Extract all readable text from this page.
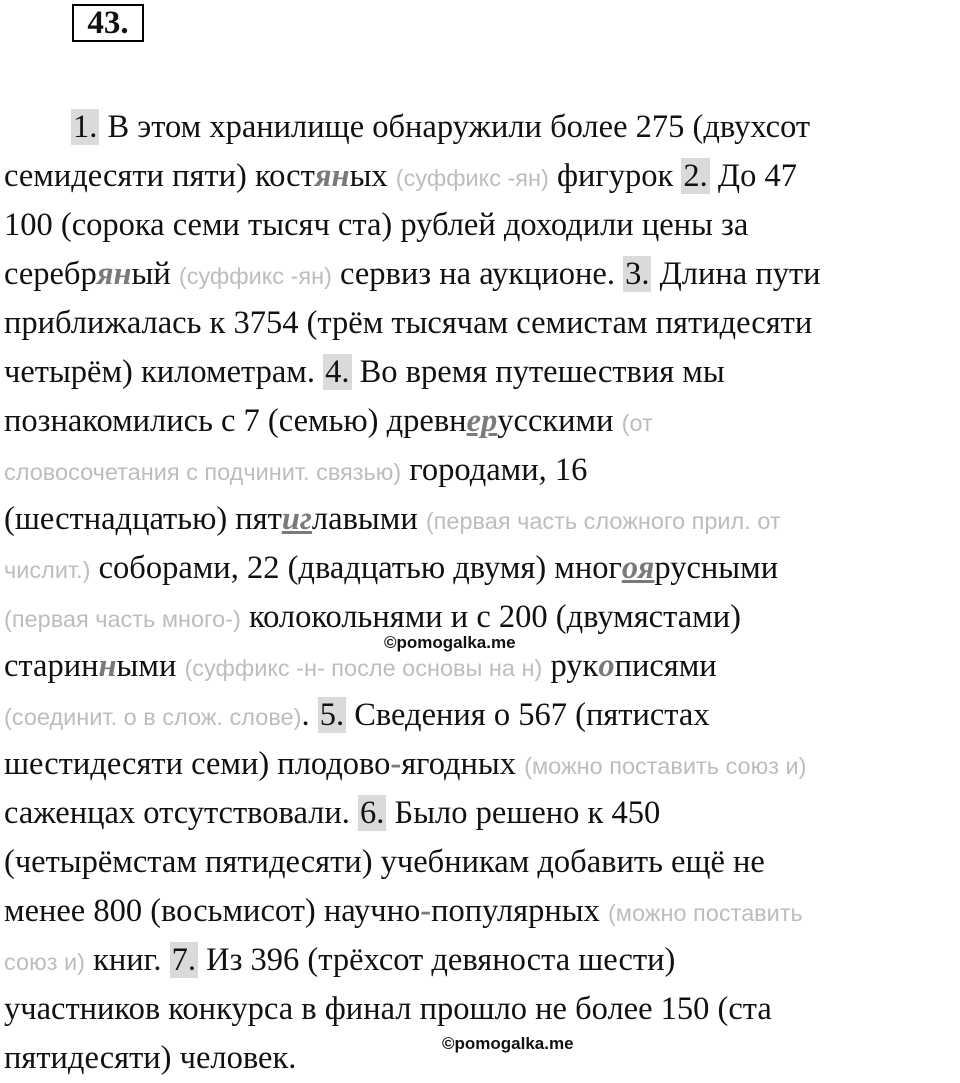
43.
1. В этом хранилище обнаружили более 275 (двухсот
семидесяти пяти) костяных (суффикс -ян) фигурок 2. До 47
100 (сорока семи тысяч ста) рублей доходили цены за
серебряный (суффикс -ян) сервиз на аукционе. 3. Длина пути
приближалась к 3754 (трём тысячам семистам пятидесяти
четырём) километрам. 4. Во время путешествия мы
познакомились с 7 (семью) древнерусскими (от
словосочетания с подчинит. связью) городами, 16
(шестнадцатью) пятиглавыми (первая часть сложного прил. от
числит.) соборами, 22 (двадцатью двумя) многоярусными
(первая часть много-) колокольнями и с 200 (двумястами)
старинными (суффикс -н- после основы на н) рукописями
(соединит. о в слож. слове). 5. Сведения о 567 (пятистах
шестидесяти семи) плодово-ягодных (можно поставить союз и)
саженцах отсутствовали. 6. Было решено к 450
(четырёмстам пятидесяти) учебникам добавить ещё не
менее 800 (восьмисот) научно-популярных (можно поставить
союз и) книг. 7. Из 396 (трёхсот девяноста шести)
участников конкурса в финал прошло не более 150 (ста
пятидесяти) человек.
©pomogalka.me
©pomogalka.me
